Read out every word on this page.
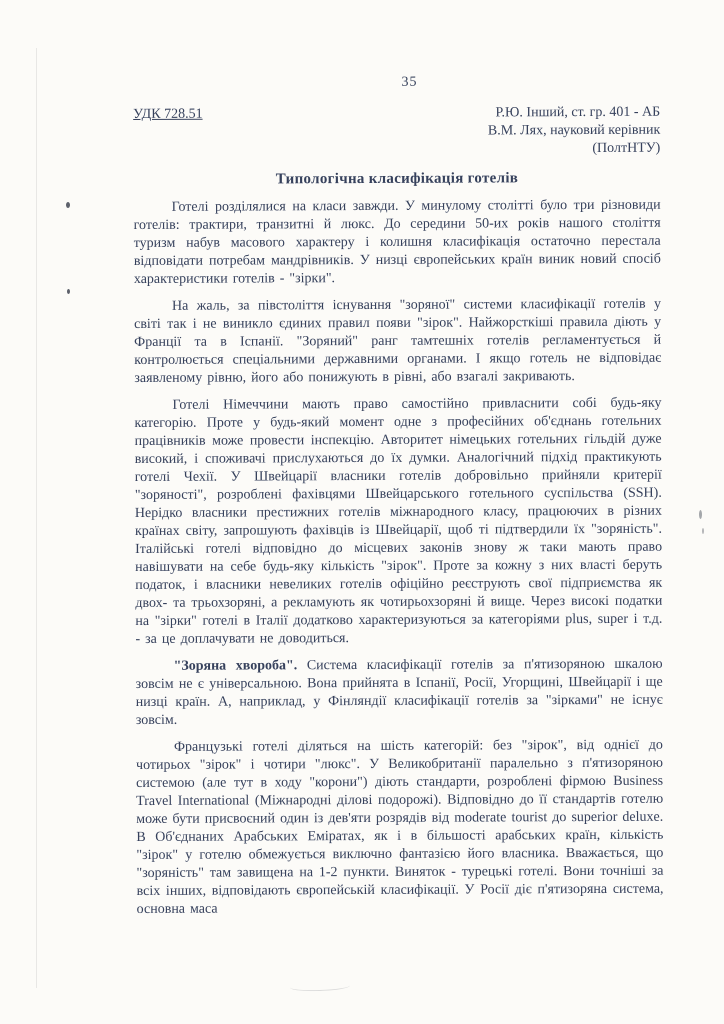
35
УДК 728.51	Р.Ю. Інший, ст. гр. 401 - АБ
В.М. Лях, науковий керівник
(ПолтНТУ)
Типологічна класифікація готелів

Готелі розділялися на класи завжди. У минулому столітті було три різновиди готелів: трактири, транзитні й люкс. До середини 50-их років нашого століття туризм набув масового характеру і колишня класифікація остаточно перестала відповідати потребам мандрівників. У низці європейських країн виник новий спосіб характеристики готелів - "зірки".

На жаль, за півстоліття існування "зоряної" системи класифікації готелів у світі так і не виникло єдиних правил появи "зірок". Найжорсткіші правила діють у Франції та в Іспанії. "Зоряний" ранг тамтешніх готелів регламентується й контролюється спеціальними державними органами. І якщо готель не відповідає заявленому рівню, його або понижують в рівні, або взагалі закривають.

Готелі Німеччини мають право самостійно привласнити собі будь-яку категорію. Проте у будь-який момент одне з професійних об'єднань готельних працівників може провести інспекцію. Авторитет німецьких готельних гільдій дуже високий, і споживачі прислухаються до їх думки. Аналогічний підхід практикують готелі Чехії. У Швейцарії власники готелів добровільно прийняли критерії "зоряності", розроблені фахівцями Швейцарського готельного суспільства (SSH). Нерідко власники престижних готелів міжнародного класу, працюючих в різних країнах світу, запрошують фахівців із Швейцарії, щоб ті підтвердили їх "зоряність". Італійські готелі відповідно до місцевих законів знову ж таки мають право навішувати на себе будь-яку кількість "зірок". Проте за кожну з них власті беруть податок, і власники невеликих готелів офіційно реєструють свої підприємства як двох- та трьохзоряні, а рекламують як чотирьохзоряні й вище. Через високі податки на "зірки" готелі в Італії додатково характеризуються за категоріями plus, super і т.д. - за це доплачувати не доводиться.

"Зоряна хвороба". Система класифікації готелів за п'ятизоряною шкалою зовсім не є універсальною. Вона прийнята в Іспанії, Росії, Угорщині, Швейцарії і ще низці країн. А, наприклад, у Фінляндії класифікації готелів за "зірками" не існує зовсім.

Французькі готелі діляться на шість категорій: без "зірок", від однієї до чотирьох "зірок" і чотири "люкс". У Великобританії паралельно з п'ятизоряною системою (але тут в ходу "корони") діють стандарти, розроблені фірмою Business Travel International (Міжнародні ділові подорожі). Відповідно до її стандартів готелю може бути присвоєний один із дев'яти розрядів від moderate tourist до superior deluxe. В Об'єднаних Арабських Еміратах, як і в більшості арабських країн, кількість "зірок" у готелю обмежується виключно фантазією його власника. Вважається, що "зоряність" там завищена на 1-2 пункти. Виняток - турецькі готелі. Вони точніші за всіх інших, відповідають європейській класифікації. У Росії діє п'ятизоряна система, основна маса
